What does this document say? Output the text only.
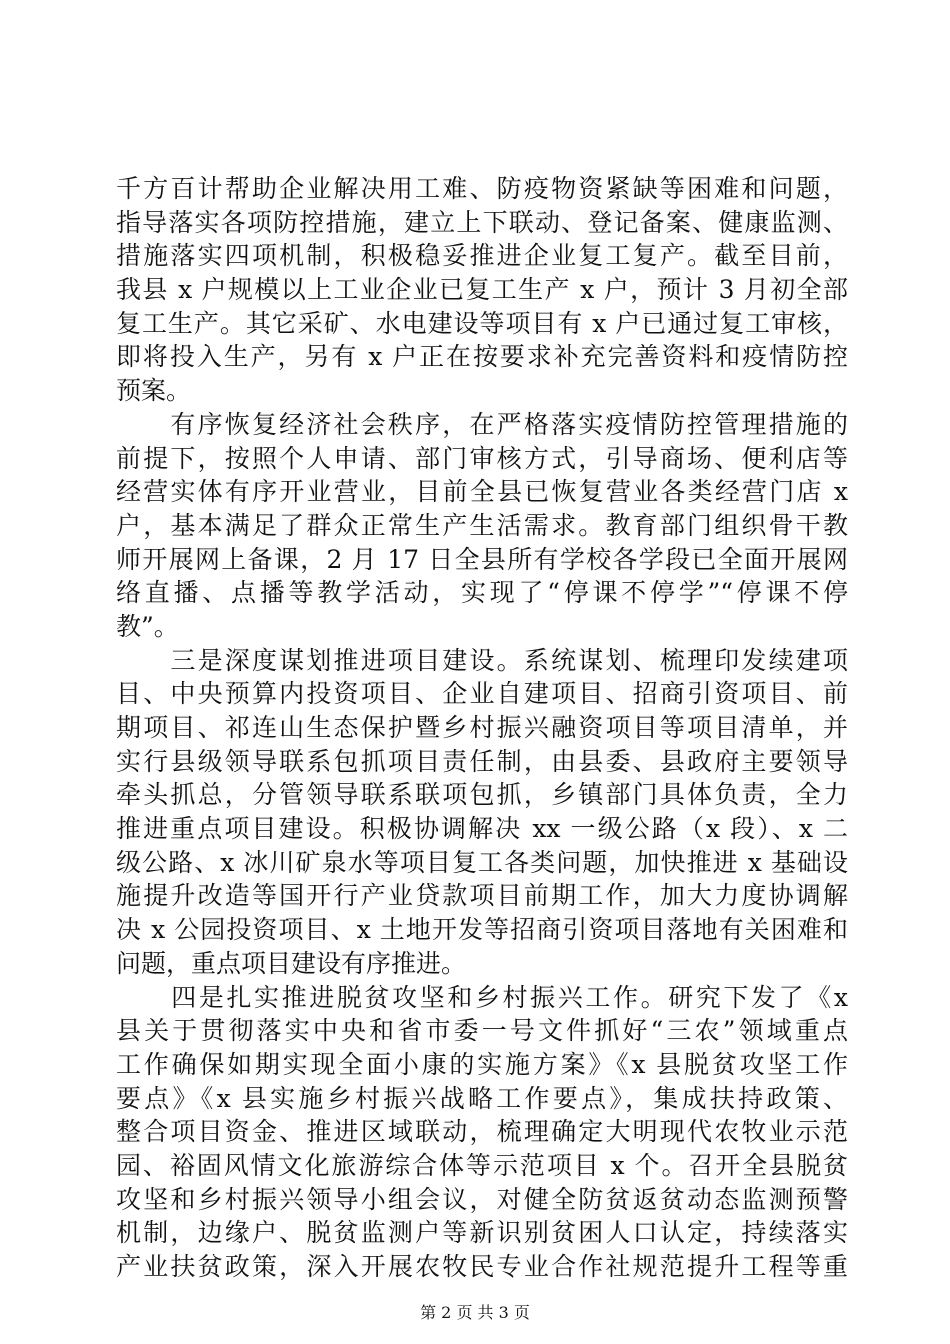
千方百计帮助企业解决用工难、防疫物资紧缺等困难和问题，
指导落实各项防控措施，建立上下联动、登记备案、健康监测、
措施落实四项机制，积极稳妥推进企业复工复产。截至目前，
我县 x 户规模以上工业企业已复工生产 x 户，预计 3 月初全部
复工生产。其它采矿、水电建设等项目有 x 户已通过复工审核，
即将投入生产，另有 x 户正在按要求补充完善资料和疫情防控
预案。
　　有序恢复经济社会秩序，在严格落实疫情防控管理措施的
前提下，按照个人申请、部门审核方式，引导商场、便利店等
经营实体有序开业营业，目前全县已恢复营业各类经营门店 x
户，基本满足了群众正常生产生活需求。教育部门组织骨干教
师开展网上备课，2 月 17 日全县所有学校各学段已全面开展网
络直播、点播等教学活动，实现了“停课不停学”“停课不停
教”。
　　三是深度谋划推进项目建设。系统谋划、梳理印发续建项
目、中央预算内投资项目、企业自建项目、招商引资项目、前
期项目、祁连山生态保护暨乡村振兴融资项目等项目清单，并
实行县级领导联系包抓项目责任制，由县委、县政府主要领导
牵头抓总，分管领导联系联项包抓，乡镇部门具体负责，全力
推进重点项目建设。积极协调解决 xx 一级公路（x 段）、x 二
级公路、x 冰川矿泉水等项目复工各类问题，加快推进 x 基础设
施提升改造等国开行产业贷款项目前期工作，加大力度协调解
决 x 公园投资项目、x 土地开发等招商引资项目落地有关困难和
问题，重点项目建设有序推进。
　　四是扎实推进脱贫攻坚和乡村振兴工作。研究下发了《x
县关于贯彻落实中央和省市委一号文件抓好“三农”领域重点
工作确保如期实现全面小康的实施方案》《x 县脱贫攻坚工作
要点》《x 县实施乡村振兴战略工作要点》，集成扶持政策、
整合项目资金、推进区域联动，梳理确定大明现代农牧业示范
园、裕固风情文化旅游综合体等示范项目 x 个。召开全县脱贫
攻坚和乡村振兴领导小组会议，对健全防贫返贫动态监测预警
机制，边缘户、脱贫监测户等新识别贫困人口认定，持续落实
产业扶贫政策，深入开展农牧民专业合作社规范提升工程等重
第 2 页 共 3 页
